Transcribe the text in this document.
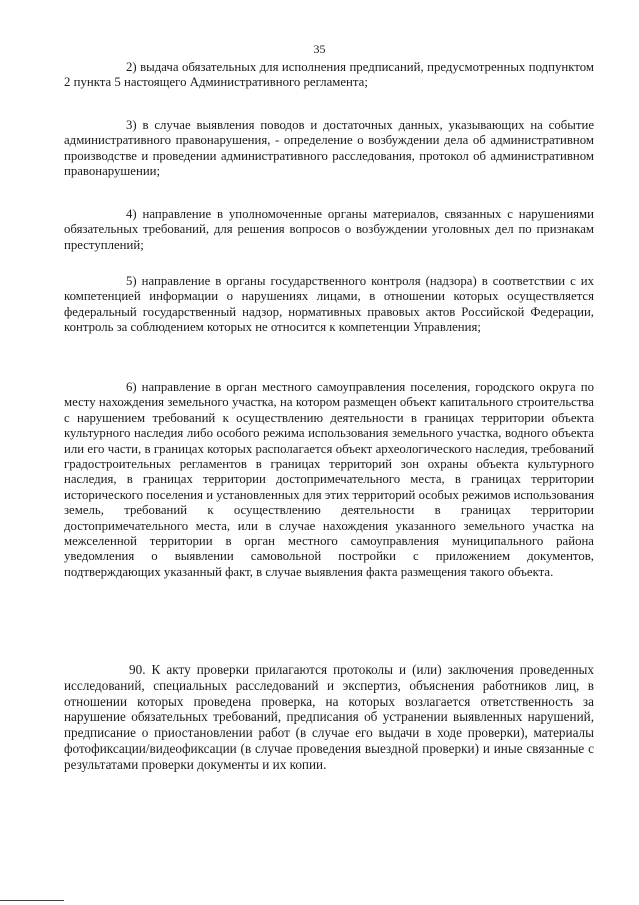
35

2) выдача обязательных для исполнения предписаний, предусмотренных подпунктом 2 пункта 5 настоящего Административного регламента;

3) в случае выявления поводов и достаточных данных, указывающих на событие административного правонарушения, - определение о возбуждении дела об административном производстве и проведении административного расследования, протокол об административном правонарушении;

4) направление в уполномоченные органы материалов, связанных с нарушениями обязательных требований, для решения вопросов о возбуждении уголовных дел по признакам преступлений;

5) направление в органы государственного контроля (надзора) в соответствии с их компетенцией информации о нарушениях лицами, в отношении которых осуществляется федеральный государственный надзор, нормативных правовых актов Российской Федерации, контроль за соблюдением которых не относится к компетенции Управления;

6) направление в орган местного самоуправления поселения, городского округа по месту нахождения земельного участка, на котором размещен объект капитального строительства с нарушением требований к осуществлению деятельности в границах территории объекта культурного наследия либо особого режима использования земельного участка, водного объекта или его части, в границах которых располагается объект археологического наследия, требований градостроительных регламентов в границах территорий зон охраны объекта культурного наследия, в границах территории достопримечательного места, в границах территории исторического поселения и установленных для этих территорий особых режимов использования земель, требований к осуществлению деятельности в границах территории достопримечательного места, или в случае нахождения указанного земельного участка на межселенной территории в орган местного самоуправления муниципального района уведомления о выявлении самовольной постройки с приложением документов, подтверждающих указанный факт, в случае выявления факта размещения такого объекта.

90. К акту проверки прилагаются протоколы и (или) заключения проведенных исследований, специальных расследований и экспертиз, объяснения работников лиц, в отношении которых проведена проверка, на которых возлагается ответственность за нарушение обязательных требований, предписания об устранении выявленных нарушений, предписание о приостановлении работ (в случае его выдачи в ходе проверки), материалы фотофиксации/видеофиксации (в случае проведения выездной проверки) и иные связанные с результатами проверки документы и их копии.
